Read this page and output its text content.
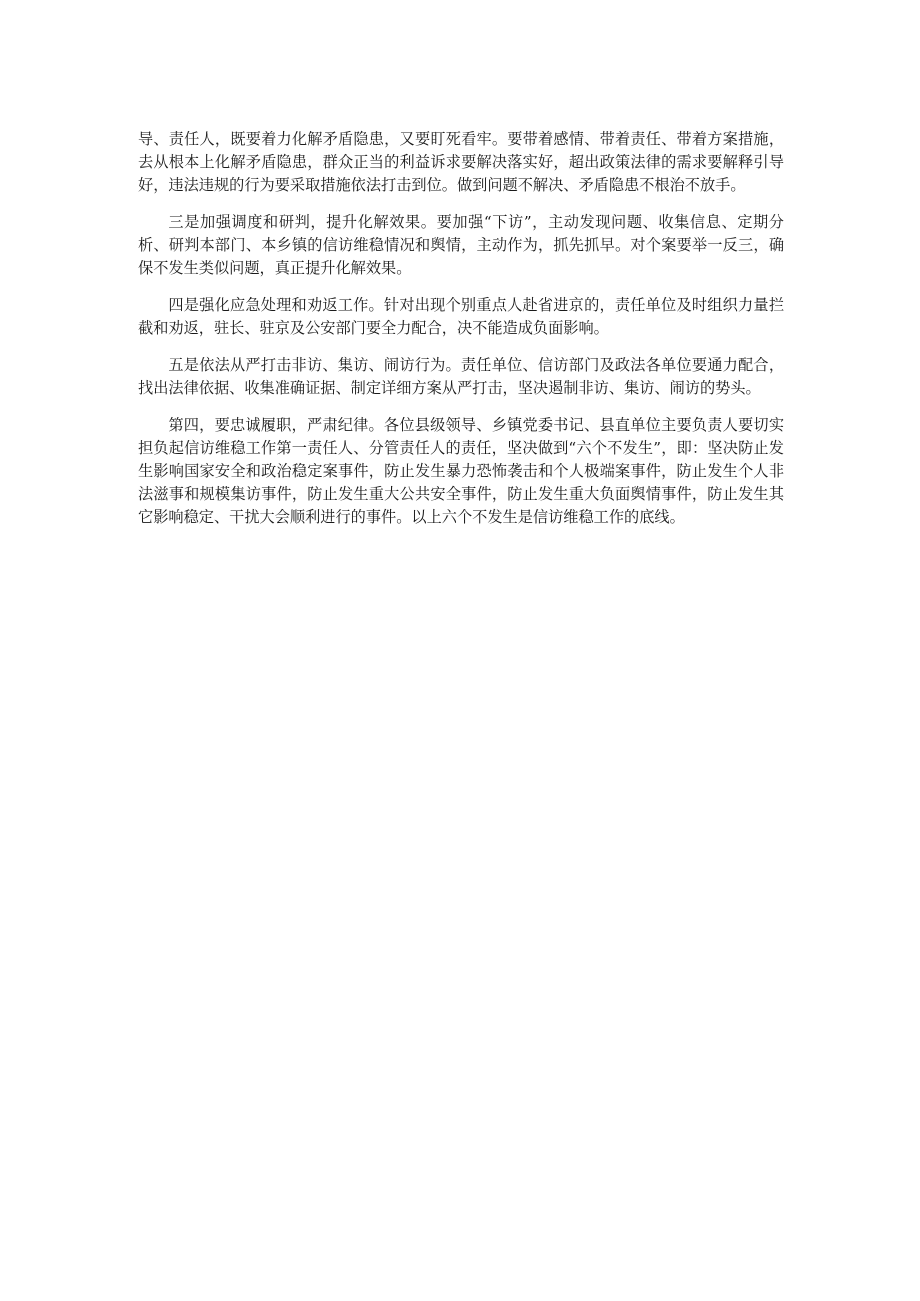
导、责任人，既要着力化解矛盾隐患，又要盯死看牢。要带着感情、带着责任、带着方案措施，去从根本上化解矛盾隐患，群众正当的利益诉求要解决落实好，超出政策法律的需求要解释引导好，违法违规的行为要采取措施依法打击到位。做到问题不解决、矛盾隐患不根治不放手。

三是加强调度和研判，提升化解效果。要加强“下访”，主动发现问题、收集信息、定期分析、研判本部门、本乡镇的信访维稳情况和舆情，主动作为，抓先抓早。对个案要举一反三，确保不发生类似问题，真正提升化解效果。

四是强化应急处理和劝返工作。针对出现个别重点人赴省进京的，责任单位及时组织力量拦截和劝返，驻长、驻京及公安部门要全力配合，决不能造成负面影响。

五是依法从严打击非访、集访、闹访行为。责任单位、信访部门及政法各单位要通力配合，找出法律依据、收集准确证据、制定详细方案从严打击，坚决遏制非访、集访、闹访的势头。

第四，要忠诚履职，严肃纪律。各位县级领导、乡镇党委书记、县直单位主要负责人要切实担负起信访维稳工作第一责任人、分管责任人的责任，坚决做到“六个不发生”，即：坚决防止发生影响国家安全和政治稳定案事件，防止发生暴力恐怖袭击和个人极端案事件，防止发生个人非法滋事和规模集访事件，防止发生重大公共安全事件，防止发生重大负面舆情事件，防止发生其它影响稳定、干扰大会顺利进行的事件。以上六个不发生是信访维稳工作的底线。
